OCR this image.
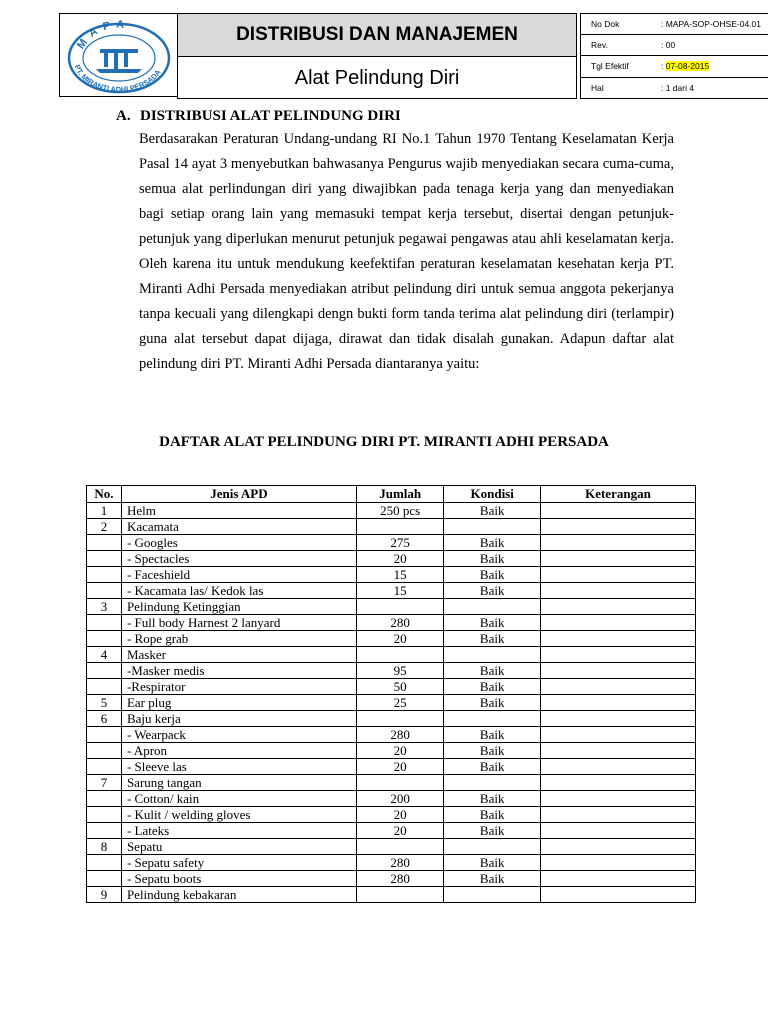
MAPA
PT. MIRANTI ADHI PERSADA
DISTRIBUSI DAN MANAJEMEN
Alat Pelindung Diri
No Dok	: MAPA-SOP-OHSE-04.01
Rev.	: 00
Tgl Efektif	: 07-08-2015
Hal	: 1 dari 4
A. DISTRIBUSI ALAT PELINDUNG DIRI
Berdasarakan Peraturan Undang-undang RI No.1 Tahun 1970 Tentang Keselamatan Kerja Pasal 14 ayat 3 menyebutkan bahwasanya Pengurus wajib menyediakan secara cuma-cuma, semua alat perlindungan diri yang diwajibkan pada tenaga kerja yang dan menyediakan bagi setiap orang lain yang memasuki tempat kerja tersebut, disertai dengan petunjuk-petunjuk yang diperlukan menurut petunjuk pegawai pengawas atau ahli keselamatan kerja. Oleh karena itu untuk mendukung keefektifan peraturan keselamatan kesehatan kerja PT. Miranti Adhi Persada menyediakan atribut pelindung diri untuk semua anggota pekerjanya tanpa kecuali yang dilengkapi dengn bukti form tanda terima alat pelindung diri (terlampir) guna alat tersebut dapat dijaga, dirawat dan tidak disalah gunakan. Adapun daftar alat pelindung diri PT. Miranti Adhi Persada diantaranya yaitu:
DAFTAR ALAT PELINDUNG DIRI PT. MIRANTI ADHI PERSADA
No.	Jenis APD	Jumlah	Kondisi	Keterangan
1	Helm	250 pcs	Baik	
2	Kacamata			
	- Googles	275	Baik	
	- Spectacles	20	Baik	
	- Faceshield	15	Baik	
	- Kacamata las/ Kedok las	15	Baik	
3	Pelindung Ketinggian			
	- Full body Harnest 2 lanyard	280	Baik	
	- Rope grab	20	Baik	
4	Masker			
	-Masker medis	95	Baik	
	-Respirator	50	Baik	
5	Ear plug	25	Baik	
6	Baju kerja			
	- Wearpack	280	Baik	
	- Apron	20	Baik	
	- Sleeve las	20	Baik	
7	Sarung tangan			
	- Cotton/ kain	200	Baik	
	- Kulit / welding gloves	20	Baik	
	- Lateks	20	Baik	
8	Sepatu			
	- Sepatu safety	280	Baik	
	- Sepatu boots	280	Baik	
9	Pelindung kebakaran			
